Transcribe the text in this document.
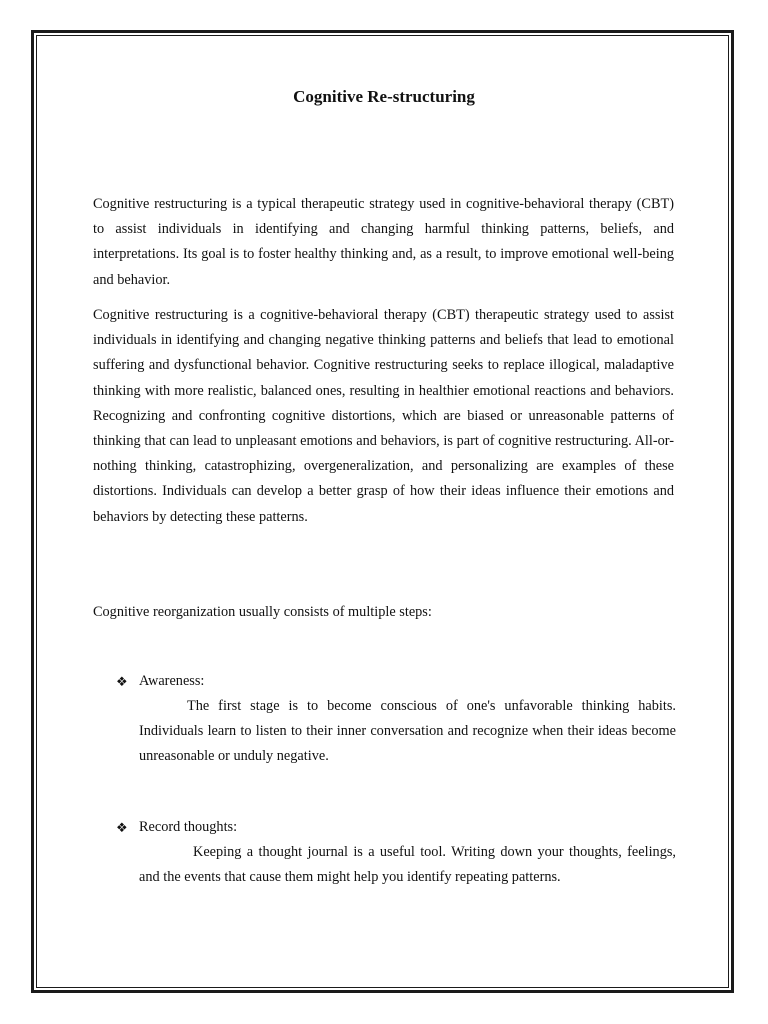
Cognitive Re-structuring

Cognitive restructuring is a typical therapeutic strategy used in cognitive-behavioral therapy (CBT) to assist individuals in identifying and changing harmful thinking patterns, beliefs, and interpretations. Its goal is to foster healthy thinking and, as a result, to improve emotional well-being and behavior.

Cognitive restructuring is a cognitive-behavioral therapy (CBT) therapeutic strategy used to assist individuals in identifying and changing negative thinking patterns and beliefs that lead to emotional suffering and dysfunctional behavior. Cognitive restructuring seeks to replace illogical, maladaptive thinking with more realistic, balanced ones, resulting in healthier emotional reactions and behaviors. Recognizing and confronting cognitive distortions, which are biased or unreasonable patterns of thinking that can lead to unpleasant emotions and behaviors, is part of cognitive restructuring. All-or-nothing thinking, catastrophizing, overgeneralization, and personalizing are examples of these distortions. Individuals can develop a better grasp of how their ideas influence their emotions and behaviors by detecting these patterns.

Cognitive reorganization usually consists of multiple steps:

❖ Awareness:

The first stage is to become conscious of one's unfavorable thinking habits. Individuals learn to listen to their inner conversation and recognize when their ideas become unreasonable or unduly negative.

❖ Record thoughts:

Keeping a thought journal is a useful tool. Writing down your thoughts, feelings, and the events that cause them might help you identify repeating patterns.
